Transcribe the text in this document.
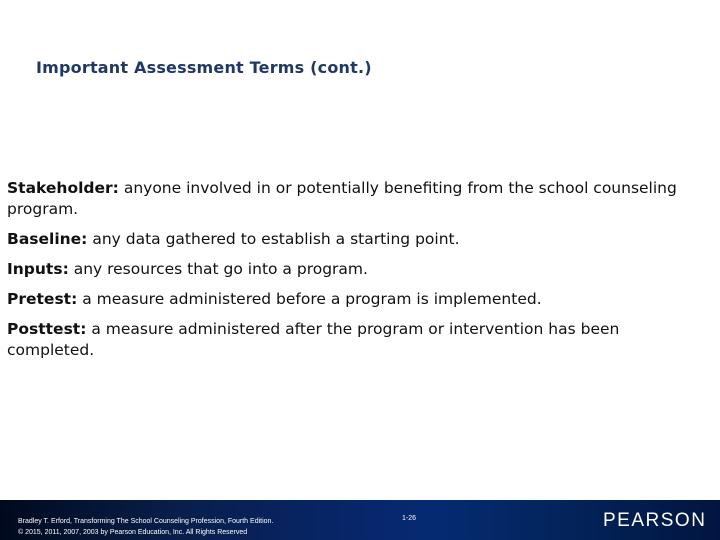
Important Assessment Terms (cont.)

Stakeholder: anyone involved in or potentially benefiting from the school counseling program.

Baseline: any data gathered to establish a starting point.

Inputs: any resources that go into a program.

Pretest: a measure administered before a program is implemented.

Posttest: a measure administered after the program or intervention has been completed.

Bradley T. Erford, Transforming The School Counseling Profession, Fourth Edition.
© 2015, 2011, 2007, 2003 by Pearson Education, Inc. All Rights Reserved
1-26	PEARSON
